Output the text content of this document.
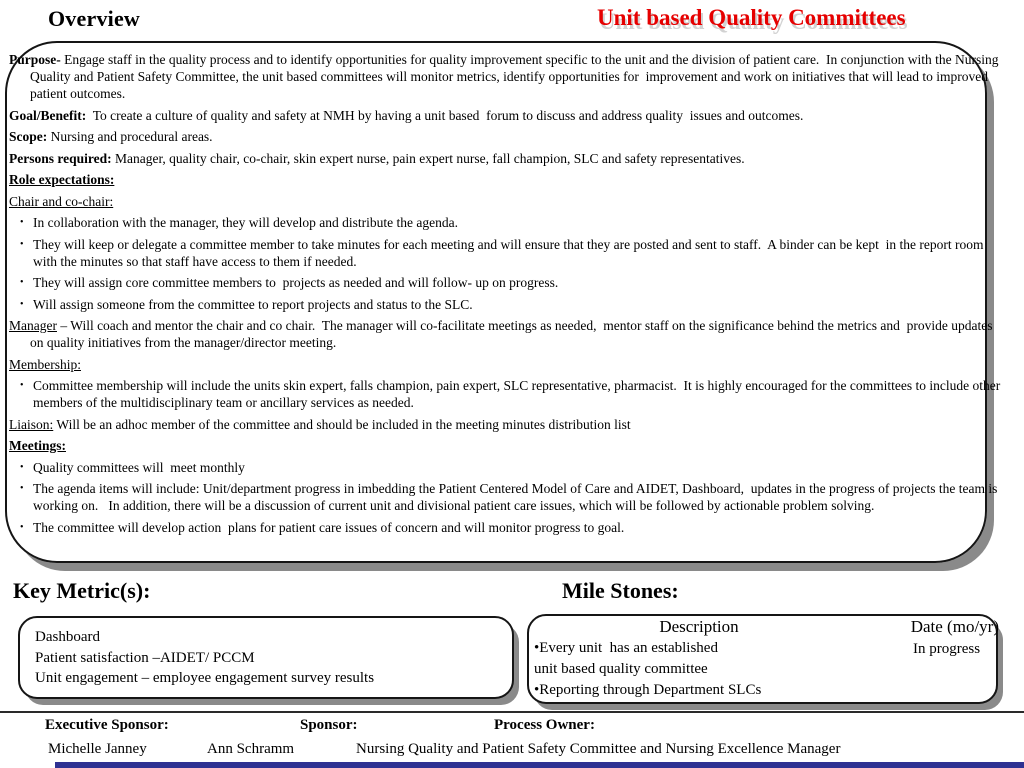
Overview	Unit based Quality Committees
Purpose- Engage staff in the quality process and to identify opportunities for quality improvement specific to the unit and the division of patient care.  In conjunction with the Nursing Quality and Patient Safety Committee, the unit based committees will monitor metrics, identify opportunities for  improvement and work on initiatives that will lead to improved patient outcomes.
Goal/Benefit:  To create a culture of quality and safety at NMH by having a unit based  forum to discuss and address quality  issues and outcomes.
Scope: Nursing and procedural areas.
Persons required: Manager, quality chair, co-chair, skin expert nurse, pain expert nurse, fall champion, SLC and safety representatives.
Role expectations:
Chair and co-chair:
• In collaboration with the manager, they will develop and distribute the agenda.
• They will keep or delegate a committee member to take minutes for each meeting and will ensure that they are posted and sent to staff.  A binder can be kept  in the report room with the minutes so that staff have access to them if needed.
• They will assign core committee members to  projects as needed and will follow- up on progress.
• Will assign someone from the committee to report projects and status to the SLC.
Manager – Will coach and mentor the chair and co chair.  The manager will co-facilitate meetings as needed,  mentor staff on the significance behind the metrics and  provide updates on quality initiatives from the manager/director meeting.
Membership:
• Committee membership will include the units skin expert, falls champion, pain expert, SLC representative, pharmacist.  It is highly encouraged for the committees to include other members of the multidisciplinary team or ancillary services as needed.
Liaison: Will be an adhoc member of the committee and should be included in the meeting minutes distribution list
Meetings:
• Quality committees will  meet monthly
• The agenda items will include: Unit/department progress in imbedding the Patient Centered Model of Care and AIDET, Dashboard,  updates in the progress of projects the team is working on.   In addition, there will be a discussion of current unit and divisional patient care issues, which will be followed by actionable problem solving.
• The committee will develop action  plans for patient care issues of concern and will monitor progress to goal.
Key Metric(s):
Dashboard
Patient satisfaction –AIDET/ PCCM
Unit engagement – employee engagement survey results
Mile Stones:
Description	Date (mo/yr)
•Every unit  has an established	In progress
unit based quality committee
•Reporting through Department SLCs
Executive Sponsor:	Sponsor:	Process Owner:
Michelle Janney	Ann Schramm	Nursing Quality and Patient Safety Committee and Nursing Excellence Manager
